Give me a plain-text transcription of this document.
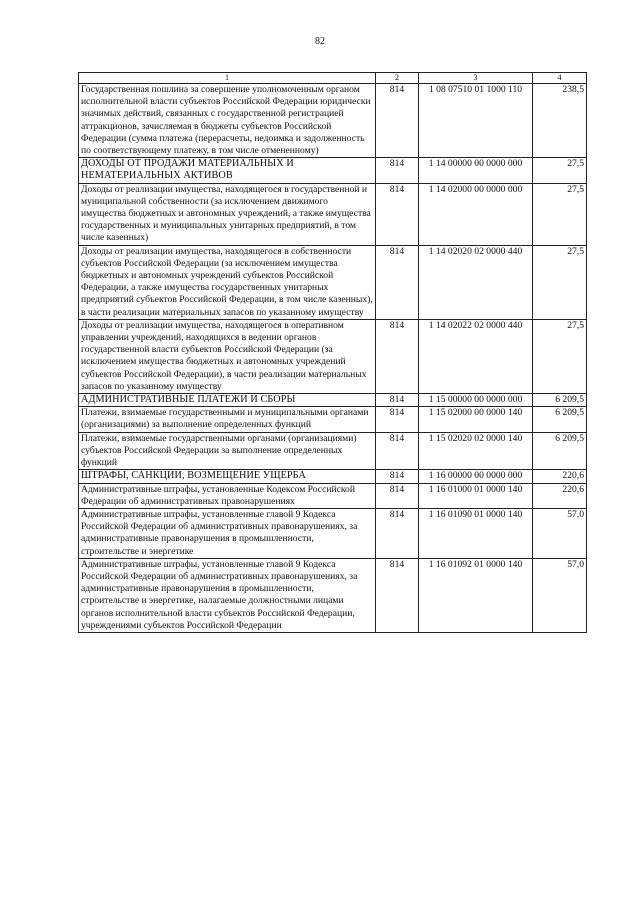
82
1	2	3	4
Государственная пошлина за совершение уполномоченным органом исполнительной власти субъектов Российской Федерации юридически значимых действий, связанных с государственной регистрацией аттракционов, зачисляемая в бюджеты субъектов Российской Федерации (сумма платежа (перерасчеты, недоимка и задолженность по соответствующему платежу, в том числе отмененному)	814	1 08 07510 01 1000 110	238,5
ДОХОДЫ ОТ ПРОДАЖИ МАТЕРИАЛЬНЫХ И НЕМАТЕРИАЛЬНЫХ АКТИВОВ	814	1 14 00000 00 0000 000	27,5
Доходы от реализации имущества, находящегося в государственной и муниципальной собственности (за исключением движимого имущества бюджетных и автономных учреждений, а также имущества государственных и муниципальных унитарных предприятий, в том числе казенных)	814	1 14 02000 00 0000 000	27,5
Доходы от реализации имущества, находящегося в собственности субъектов Российской Федерации (за исключением имущества бюджетных и автономных учреждений субъектов Российской Федерации, а также имущества государственных унитарных предприятий субъектов Российской Федерации, в том числе казенных), в части реализации материальных запасов по указанному имуществу	814	1 14 02020 02 0000 440	27,5
Доходы от реализации имущества, находящегося в оперативном управлении учреждений, находящихся в ведении органов государственной власти субъектов Российской Федерации (за исключением имущества бюджетных и автономных учреждений субъектов Российской Федерации), в части реализации материальных запасов по указанному имуществу	814	1 14 02022 02 0000 440	27,5
АДМИНИСТРАТИВНЫЕ ПЛАТЕЖИ И СБОРЫ	814	1 15 00000 00 0000 000	6 209,5
Платежи, взимаемые государственными и муниципальными органами (организациями) за выполнение определенных функций	814	1 15 02000 00 0000 140	6 209,5
Платежи, взимаемые государственными органами (организациями) субъектов Российской Федерации за выполнение определенных функций	814	1 15 02020 02 0000 140	6 209,5
ШТРАФЫ, САНКЦИИ, ВОЗМЕЩЕНИЕ УЩЕРБА	814	1 16 00000 00 0000 000	220,6
Административные штрафы, установленные Кодексом Российской Федерации об административных правонарушениях	814	1 16 01000 01 0000 140	220,6
Административные штрафы, установленные главой 9 Кодекса Российской Федерации об административных правонарушениях, за административные правонарушения в промышленности, строительстве и энергетике	814	1 16 01090 01 0000 140	57,0
Административные штрафы, установленные главой 9 Кодекса Российской Федерации об административных правонарушениях, за административные правонарушения в промышленности, строительстве и энергетике, налагаемые должностными лицами органов исполнительной власти субъектов Российской Федерации, учреждениями субъектов Российской Федерации	814	1 16 01092 01 0000 140	57,0
